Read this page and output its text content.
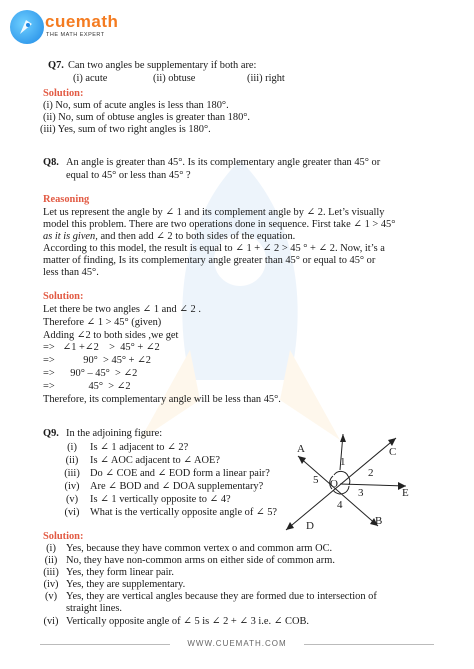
cuemath
THE MATH EXPERT
Q7. Can two angles be supplementary if both are:
(i) acute	(ii) obtuse	(iii) right
Solution:
(i) No, sum of acute angles is less than 180°.
(ii) No, sum of obtuse angles is greater than 180°.
(iii) Yes, sum of two right angles is 180°.
Q8. An angle is greater than 45°. Is its complementary angle greater than 45° or
equal to 45° or less than 45° ?
Reasoning
Let us represent the angle by ∠ 1 and its complement angle by ∠ 2. Let’s visually
model this problem. There are two operations done in sequence. First take ∠ 1 > 45°
as it is given, and then add ∠ 2 to both sides of the equation.
According to this model, the result is equal to ∠ 1 + ∠ 2 > 45 ° + ∠ 2. Now, it’s a
matter of finding, Is its complementary angle greater than 45° or equal to 45° or
less than 45°.
Solution:
Let there be two angles ∠ 1 and ∠ 2 .
Therefore ∠ 1 > 45° (given)
Adding ∠2 to both sides ,we get
=>   ∠1 +∠2    >  45° + ∠2
=>           90°  > 45° + ∠2
=>      90° – 45°  > ∠2
=>             45°  > ∠2
Therefore, its complementary angle will be less than 45°.
Q9. In the adjoining figure:
(i)	Is ∠ 1 adjacent to ∠ 2?
(ii)	Is ∠ AOC adjacent to ∠ AOE?
(iii) Do ∠ COE and ∠ EOD form a linear pair?
(iv) Are ∠ BOD and ∠ DOA supplementary?
(v)	Is ∠ 1 vertically opposite to ∠ 4?
(vi) What is the vertically opposite angle of ∠ 5?
A	C
E
B
D
O
1
2
3
4
5
Solution:
(i) Yes, because they have common vertex o and common arm OC.
(ii) No, they have non-common arms on either side of common arm.
(iii) Yes, they form linear pair.
(iv) Yes, they are supplementary.
(v) Yes, they are vertical angles because they are formed due to intersection of
straight lines.
(vi) Vertically opposite angle of ∠ 5 is ∠ 2 + ∠ 3 i.e. ∠ COB.
WWW.CUEMATH.COM
